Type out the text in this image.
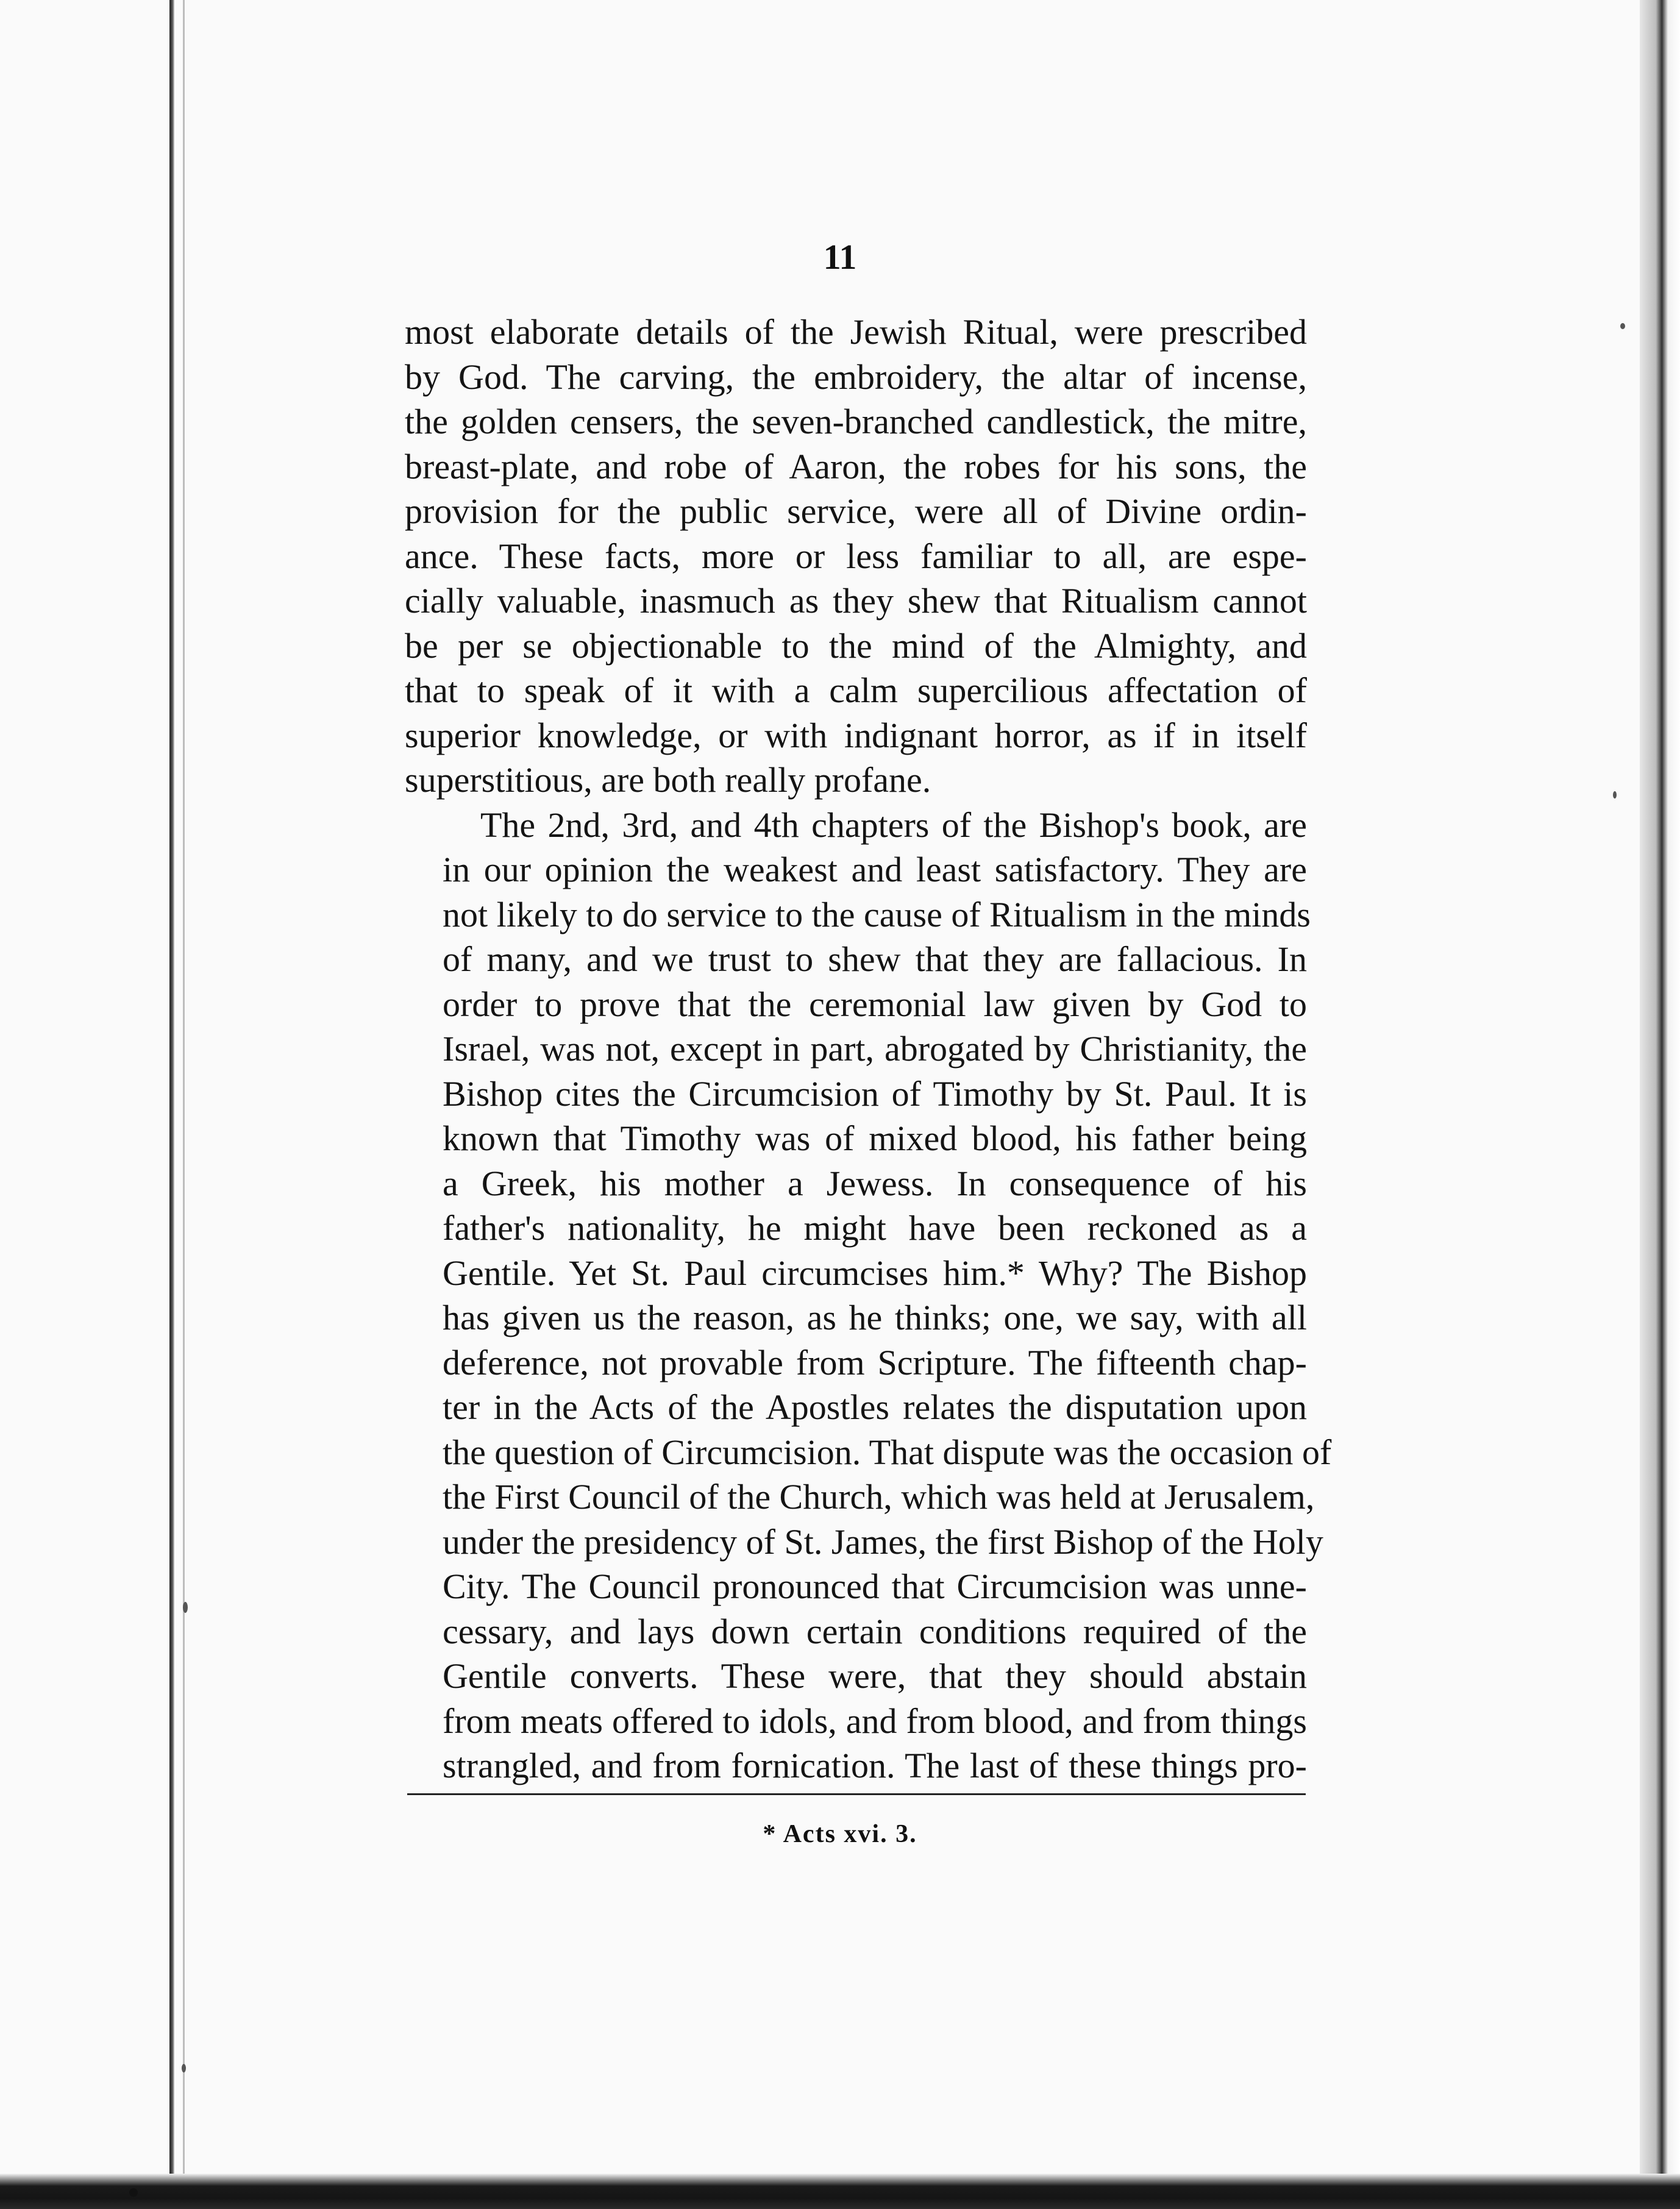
11

most elaborate details of the Jewish Ritual, were prescribed
by God. The carving, the embroidery, the altar of incense,
the golden censers, the seven-branched candlestick, the mitre,
breast-plate, and robe of Aaron, the robes for his sons, the
provision for the public service, were all of Divine ordin-
ance. These facts, more or less familiar to all, are espe-
cially valuable, inasmuch as they shew that Ritualism cannot
be per se objectionable to the mind of the Almighty, and
that to speak of it with a calm supercilious affectation of
superior knowledge, or with indignant horror, as if in itself
superstitious, are both really profane.

The 2nd, 3rd, and 4th chapters of the Bishop's book, are
in our opinion the weakest and least satisfactory. They are
not likely to do service to the cause of Ritualism in the minds
of many, and we trust to shew that they are fallacious. In
order to prove that the ceremonial law given by God to
Israel, was not, except in part, abrogated by Christianity, the
Bishop cites the Circumcision of Timothy by St. Paul. It is
known that Timothy was of mixed blood, his father being
a Greek, his mother a Jewess. In consequence of his
father's nationality, he might have been reckoned as a
Gentile. Yet St. Paul circumcises him.* Why? The Bishop
has given us the reason, as he thinks; one, we say, with all
deference, not provable from Scripture. The fifteenth chap-
ter in the Acts of the Apostles relates the disputation upon
the question of Circumcision. That dispute was the occasion of
the First Council of the Church, which was held at Jerusalem,
under the presidency of St. James, the first Bishop of the Holy
City. The Council pronounced that Circumcision was unne-
cessary, and lays down certain conditions required of the
Gentile converts. These were, that they should abstain
from meats offered to idols, and from blood, and from things
strangled, and from fornication. The last of these things pro-

* Acts xvi. 3.
